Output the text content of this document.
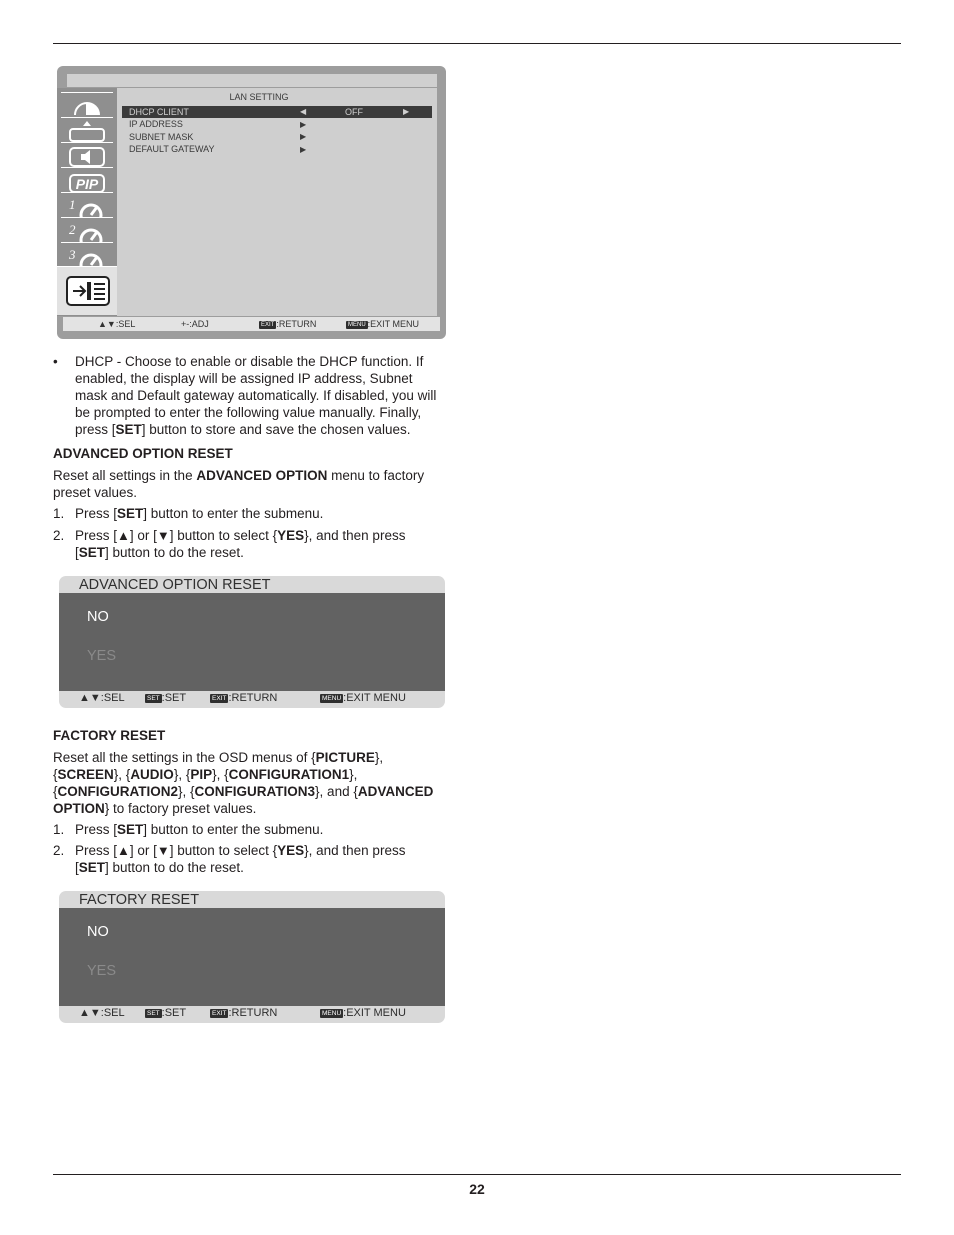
PIP
1
2
3
LAN SETTING
DHCP CLIENT	◀	OFF	▶
IP ADDRESS	▶
SUBNET MASK	▶
DEFAULT GATEWAY	▶
▲▼:SEL	+-:ADJ	EXIT :RETURN	MENU :EXIT MENU
• DHCP - Choose to enable or disable the DHCP function. If
enabled, the display will be assigned IP address, Subnet
mask and Default gateway automatically. If disabled, you will
be prompted to enter the following value manually. Finally,
press [SET] button to store and save the chosen values.
ADVANCED OPTION RESET
Reset all settings in the ADVANCED OPTION menu to factory
preset values.
1. Press [SET] button to enter the submenu.
2. Press [▲] or [▼] button to select {YES}, and then press
[SET] button to do the reset.
ADVANCED OPTION RESET
NO
YES
▲▼:SEL	SET :SET	EXIT :RETURN	MENU :EXIT MENU
FACTORY RESET
Reset all the settings in the OSD menus of {PICTURE},
{SCREEN}, {AUDIO}, {PIP}, {CONFIGURATION1},
{CONFIGURATION2}, {CONFIGURATION3}, and {ADVANCED
OPTION} to factory preset values.
1. Press [SET] button to enter the submenu.
2. Press [▲] or [▼] button to select {YES}, and then press
[SET] button to do the reset.
FACTORY RESET
NO
YES
▲▼:SEL	SET :SET	EXIT :RETURN	MENU :EXIT MENU
22
